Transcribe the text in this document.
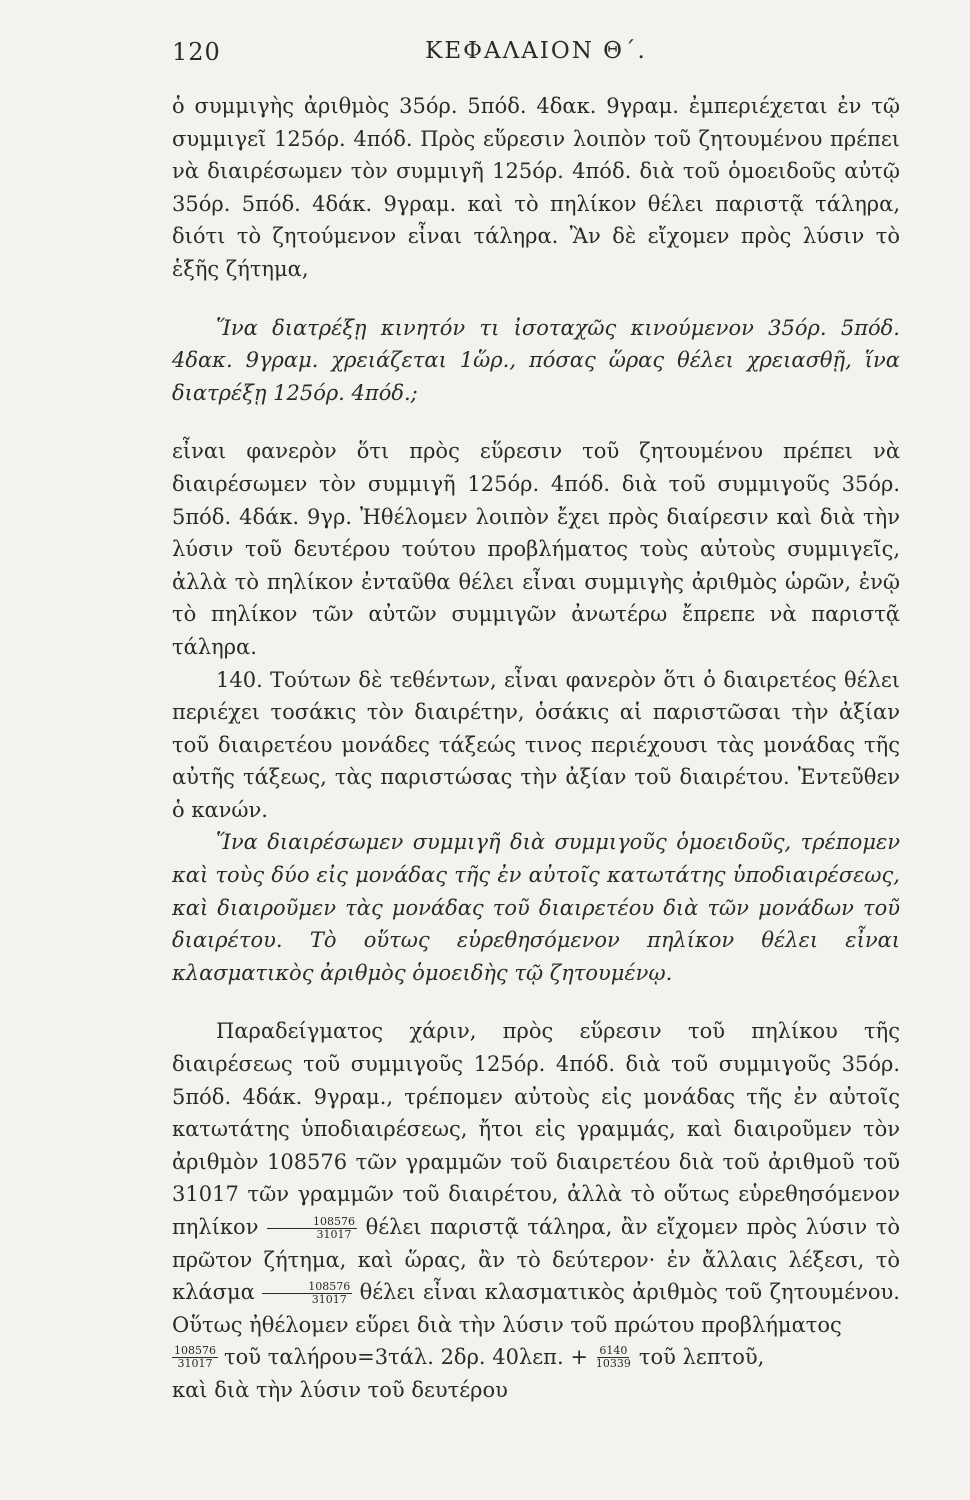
120	ΚΕΦΑΛΑΙΟΝ Θ΄.

ὁ συμμιγὴς ἀριθμὸς 35όρ. 5πόδ. 4δακ. 9γραμ. ἐμπεριέχεται ἐν τῷ συμμιγεῖ 125όρ. 4πόδ. Πρὸς εὕρεσιν λοιπὸν τοῦ ζητουμένου πρέπει νὰ διαιρέσωμεν τὸν συμμιγῆ 125όρ. 4πόδ. διὰ τοῦ ὁμοειδοῦς αὐτῷ 35όρ. 5πόδ. 4δάκ. 9γραμ. καὶ τὸ πηλίκον θέλει παριστᾷ τάληρα, διότι τὸ ζητούμενον εἶναι τάληρα. Ἂν δὲ εἴχομεν πρὸς λύσιν τὸ ἑξῆς ζήτημα,

Ἵνα διατρέξῃ κινητόν τι ἰσοταχῶς κινούμενον 35όρ. 5πόδ. 4δακ. 9γραμ. χρειάζεται 1ὥρ., πόσας ὥρας θέλει χρειασθῇ, ἵνα διατρέξῃ 125όρ. 4πόδ.;

εἶναι φανερὸν ὅτι πρὸς εὕρεσιν τοῦ ζητουμένου πρέπει νὰ διαιρέσωμεν τὸν συμμιγῆ 125όρ. 4πόδ. διὰ τοῦ συμμιγοῦς 35όρ. 5πόδ. 4δάκ. 9γρ. Ἠθέλομεν λοιπὸν ἔχει πρὸς διαίρεσιν καὶ διὰ τὴν λύσιν τοῦ δευτέρου τούτου προβλήματος τοὺς αὐτοὺς συμμιγεῖς, ἀλλὰ τὸ πηλίκον ἐνταῦθα θέλει εἶναι συμμιγὴς ἀριθμὸς ὡρῶν, ἐνῷ τὸ πηλίκον τῶν αὐτῶν συμμιγῶν ἀνωτέρω ἔπρεπε νὰ παριστᾷ τάληρα.

140. Τούτων δὲ τεθέντων, εἶναι φανερὸν ὅτι ὁ διαιρετέος θέλει περιέχει τοσάκις τὸν διαιρέτην, ὁσάκις αἱ παριστῶσαι τὴν ἀξίαν τοῦ διαιρετέου μονάδες τάξεώς τινος περιέχουσι τὰς μονάδας τῆς αὐτῆς τάξεως, τὰς παριστώσας τὴν ἀξίαν τοῦ διαιρέτου. Ἐντεῦθεν ὁ κανών.

Ἵνα διαιρέσωμεν συμμιγῆ διὰ συμμιγοῦς ὁμοειδοῦς, τρέπομεν καὶ τοὺς δύο εἰς μονάδας τῆς ἐν αὐτοῖς κατωτάτης ὑποδιαιρέσεως, καὶ διαιροῦμεν τὰς μονάδας τοῦ διαιρετέου διὰ τῶν μονάδων τοῦ διαιρέτου. Τὸ οὕτως εὑρεθησόμενον πηλίκον θέλει εἶναι κλασματικὸς ἀριθμὸς ὁμοειδὴς τῷ ζητουμένῳ.

Παραδείγματος χάριν, πρὸς εὕρεσιν τοῦ πηλίκου τῆς διαιρέσεως τοῦ συμμιγοῦς 125όρ. 4πόδ. διὰ τοῦ συμμιγοῦς 35όρ. 5πόδ. 4δάκ. 9γραμ., τρέπομεν αὐτοὺς εἰς μονάδας τῆς ἐν αὐτοῖς κατωτάτης ὑποδιαιρέσεως, ἤτοι εἰς γραμμάς, καὶ διαιροῦμεν τὸν ἀριθμὸν 108576 τῶν γραμμῶν τοῦ διαιρετέου διὰ τοῦ ἀριθμοῦ τοῦ 31017 τῶν γραμμῶν τοῦ διαιρέτου, ἀλλὰ τὸ οὕτως εὑρεθησόμενον πηλίκον $\frac{108576}{31017}$ θέλει παριστᾷ τάληρα, ἂν εἴχομεν πρὸς λύσιν τὸ πρῶτον ζήτημα, καὶ ὥρας, ἂν τὸ δεύτερον· ἐν ἄλλαις λέξεσι, τὸ κλάσμα $\frac{108576}{31017}$ θέλει εἶναι κλασματικὸς ἀριθμὸς τοῦ ζητουμένου. Οὕτως ἠθέλομεν εὕρει διὰ τὴν λύσιν τοῦ πρώτου προβλήματος

$\frac{108576}{31017}$ τοῦ ταλήρου=3τάλ. 2δρ. 40λεπ. + $\frac{6140}{10339}$ τοῦ λεπτοῦ,

καὶ διὰ τὴν λύσιν τοῦ δευτέρου
